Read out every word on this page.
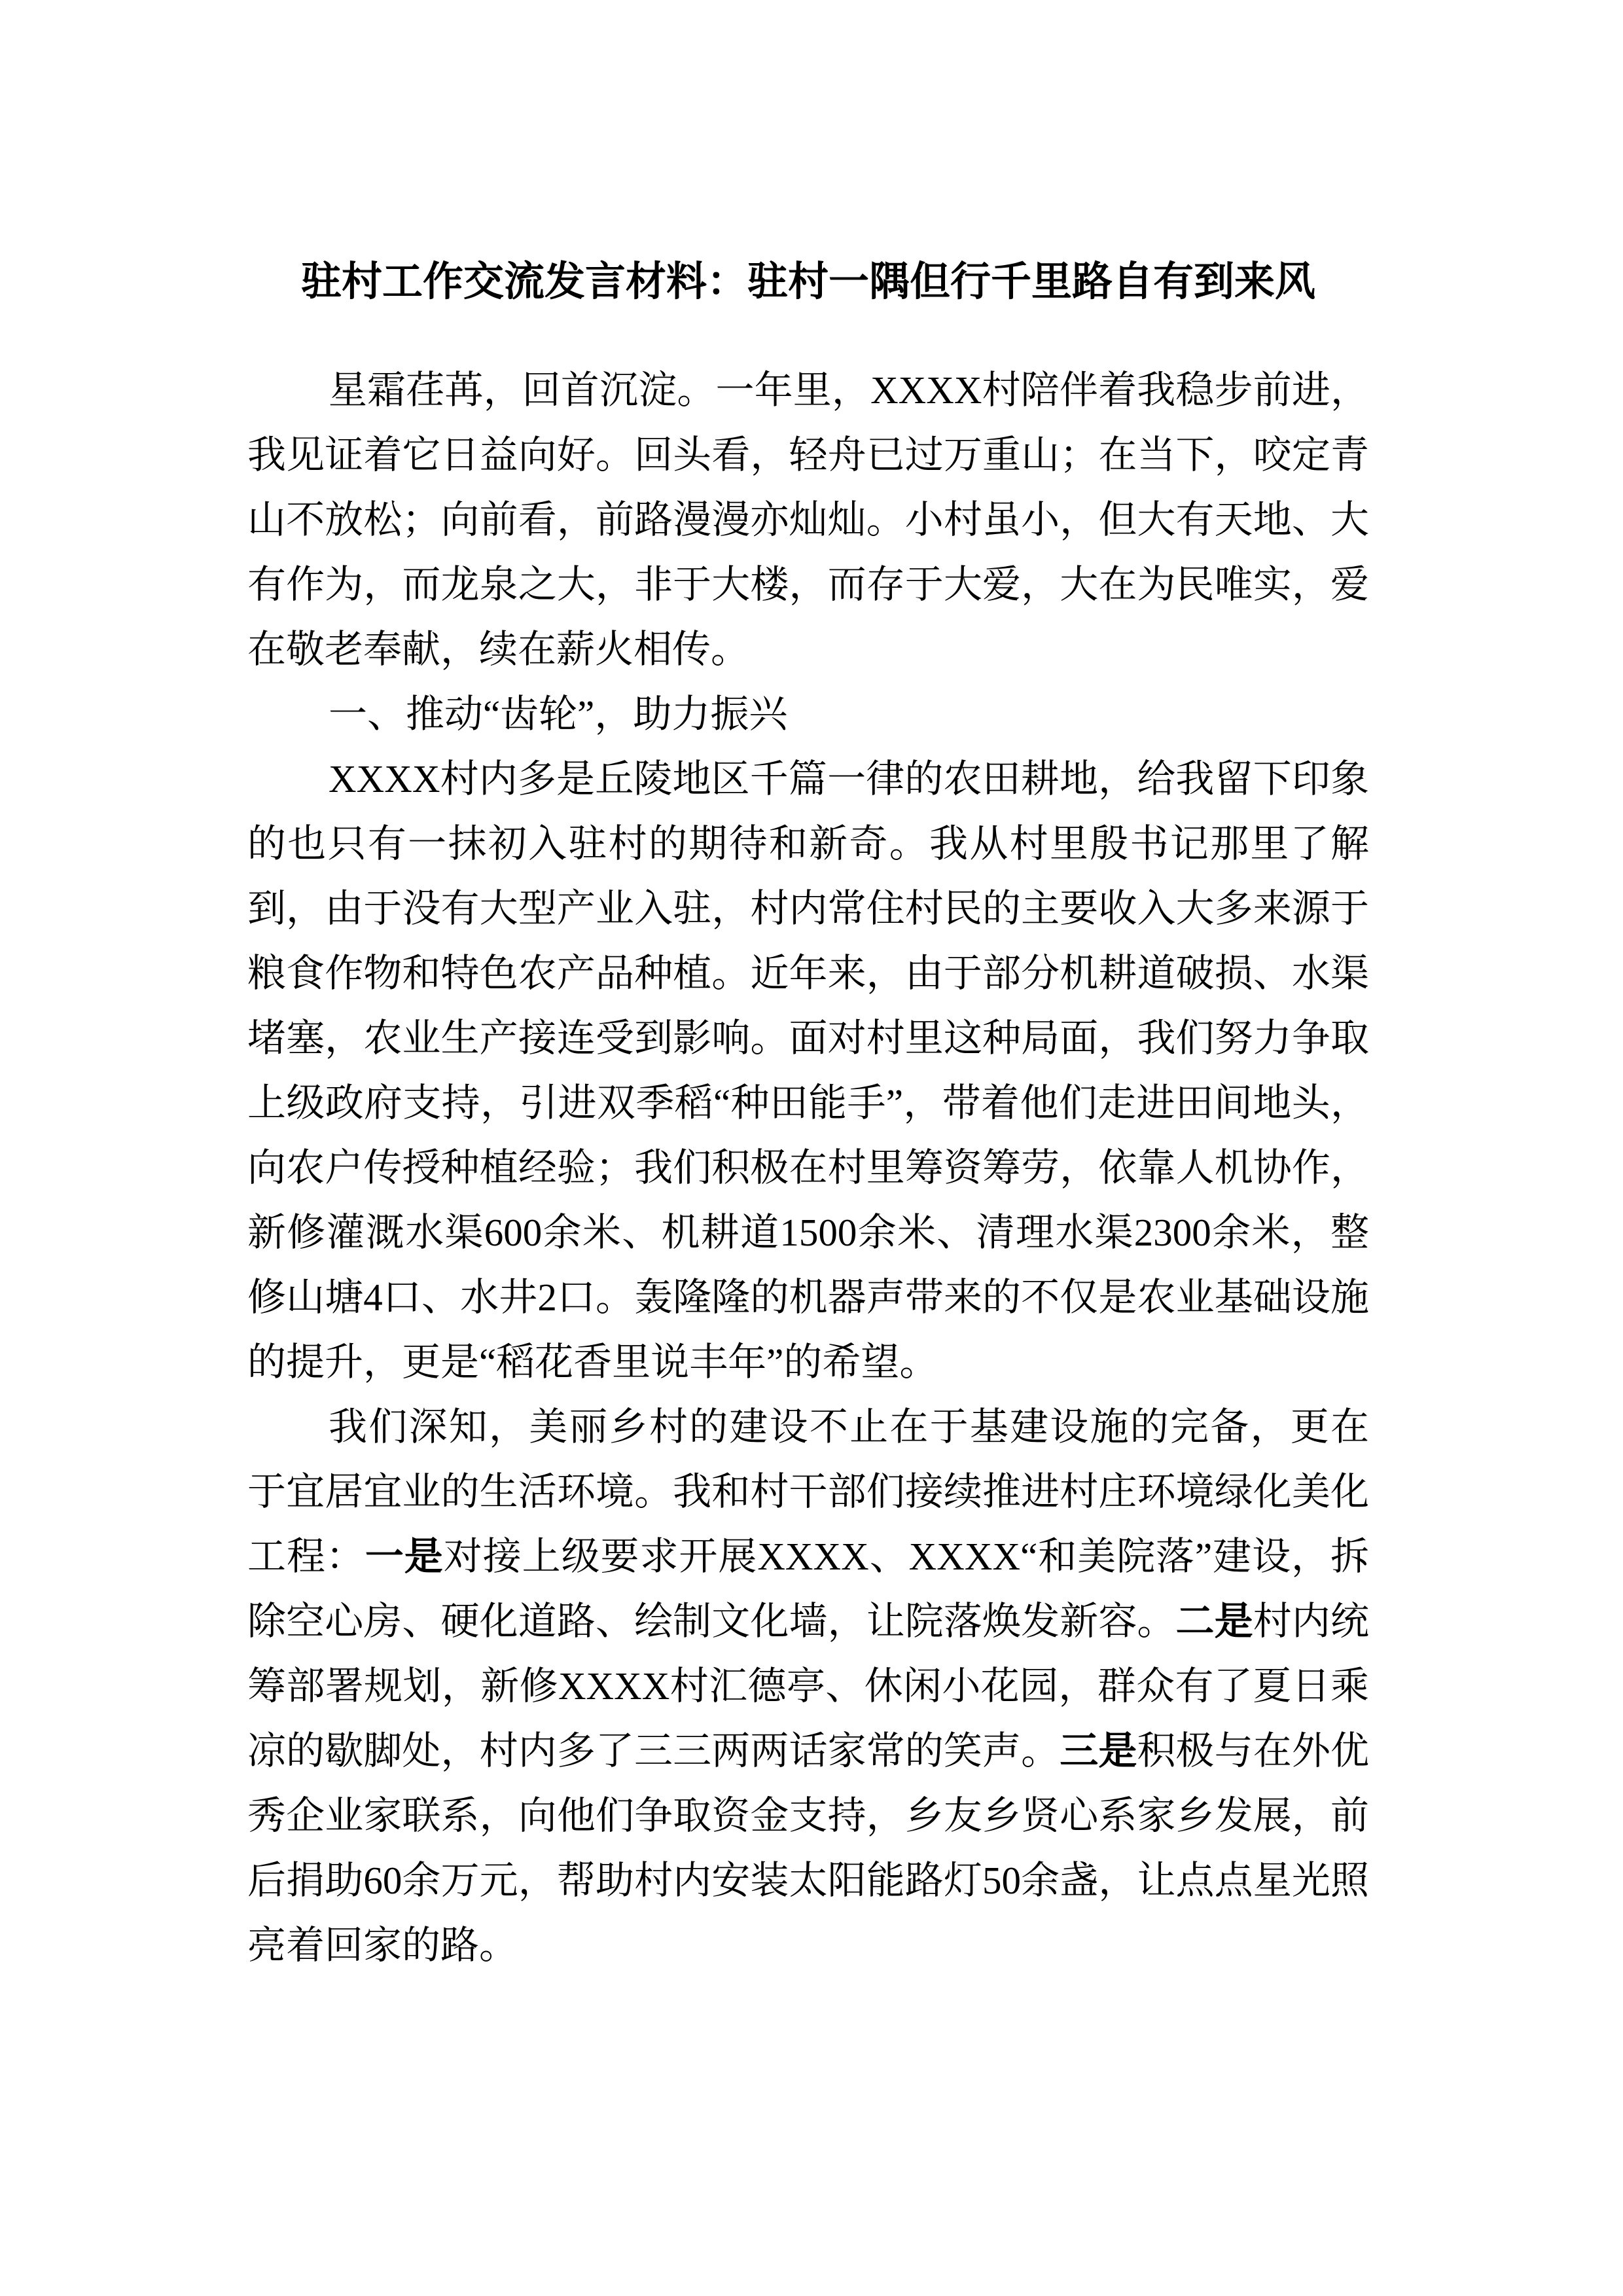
驻村工作交流发言材料：驻村一隅但行千里路自有到来风

星霜荏苒，回首沉淀。一年里，XXXX村陪伴着我稳步前进，我见证着它日益向好。回头看，轻舟已过万重山；在当下，咬定青山不放松；向前看，前路漫漫亦灿灿。小村虽小，但大有天地、大有作为，而龙泉之大，非于大楼，而存于大爱，大在为民唯实，爱在敬老奉献，续在薪火相传。

一、推动“齿轮”，助力振兴

XXXX村内多是丘陵地区千篇一律的农田耕地，给我留下印象的也只有一抹初入驻村的期待和新奇。我从村里殷书记那里了解到，由于没有大型产业入驻，村内常住村民的主要收入大多来源于粮食作物和特色农产品种植。近年来，由于部分机耕道破损、水渠堵塞，农业生产接连受到影响。面对村里这种局面，我们努力争取上级政府支持，引进双季稻“种田能手”，带着他们走进田间地头，向农户传授种植经验；我们积极在村里筹资筹劳，依靠人机协作，新修灌溉水渠600余米、机耕道1500余米、清理水渠2300余米，整修山塘4口、水井2口。轰隆隆的机器声带来的不仅是农业基础设施的提升，更是“稻花香里说丰年”的希望。

我们深知，美丽乡村的建设不止在于基建设施的完备，更在于宜居宜业的生活环境。我和村干部们接续推进村庄环境绿化美化工程：一是对接上级要求开展XXXX、XXXX“和美院落”建设，拆除空心房、硬化道路、绘制文化墙，让院落焕发新容。二是村内统筹部署规划，新修XXXX村汇德亭、休闲小花园，群众有了夏日乘凉的歇脚处，村内多了三三两两话家常的笑声。三是积极与在外优秀企业家联系，向他们争取资金支持，乡友乡贤心系家乡发展，前后捐助60余万元，帮助村内安装太阳能路灯50余盏，让点点星光照亮着回家的路。
